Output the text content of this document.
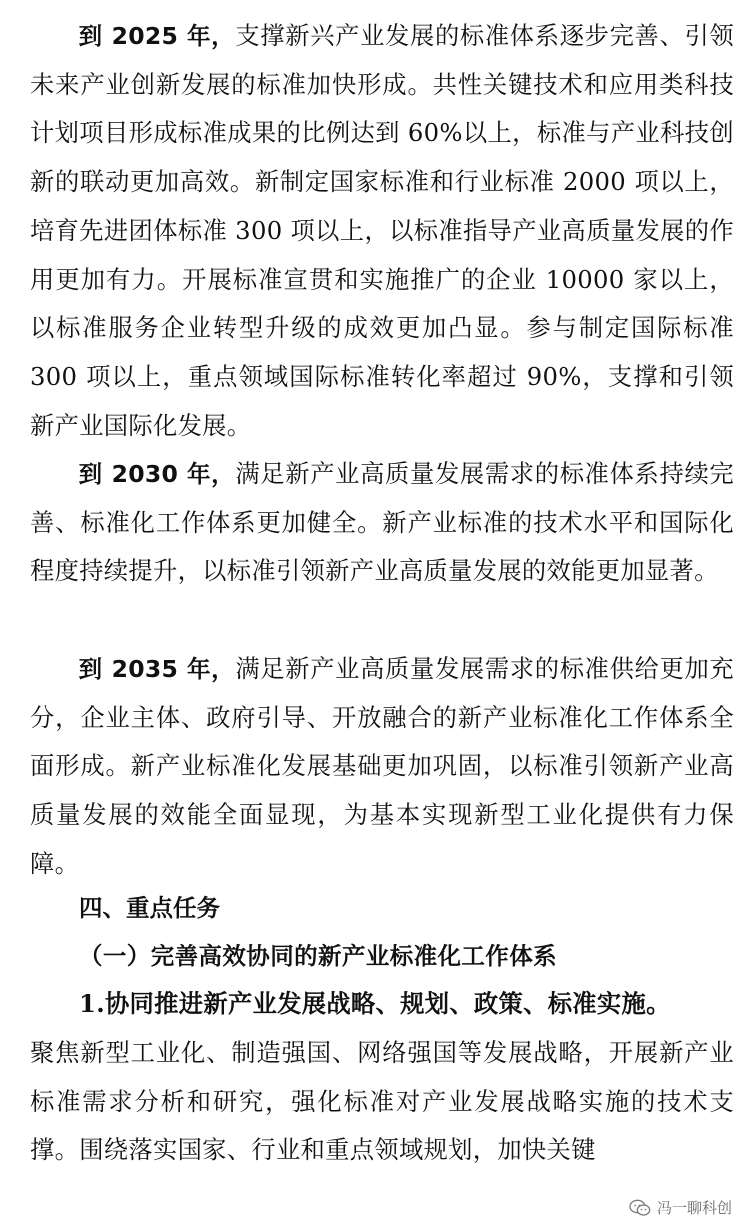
到 2025 年，支撑新兴产业发展的标准体系逐步完善、引领未来产业创新发展的标准加快形成。共性关键技术和应用类科技计划项目形成标准成果的比例达到 60%以上，标准与产业科技创新的联动更加高效。新制定国家标准和行业标准 2000 项以上，培育先进团体标准 300 项以上，以标准指导产业高质量发展的作用更加有力。开展标准宣贯和实施推广的企业 10000 家以上，以标准服务企业转型升级的成效更加凸显。参与制定国际标准 300 项以上，重点领域国际标准转化率超过 90%，支撑和引领新产业国际化发展。

到 2030 年，满足新产业高质量发展需求的标准体系持续完善、标准化工作体系更加健全。新产业标准的技术水平和国际化程度持续提升，以标准引领新产业高质量发展的效能更加显著。

到 2035 年，满足新产业高质量发展需求的标准供给更加充分，企业主体、政府引导、开放融合的新产业标准化工作体系全面形成。新产业标准化发展基础更加巩固，以标准引领新产业高质量发展的效能全面显现，为基本实现新型工业化提供有力保障。

四、重点任务
（一）完善高效协同的新产业标准化工作体系
1.协同推进新产业发展战略、规划、政策、标准实施。

聚焦新型工业化、制造强国、网络强国等发展战略，开展新产业标准需求分析和研究，强化标准对产业发展战略实施的技术支撑。围绕落实国家、行业和重点领域规划，加快关键

冯一聊科创
